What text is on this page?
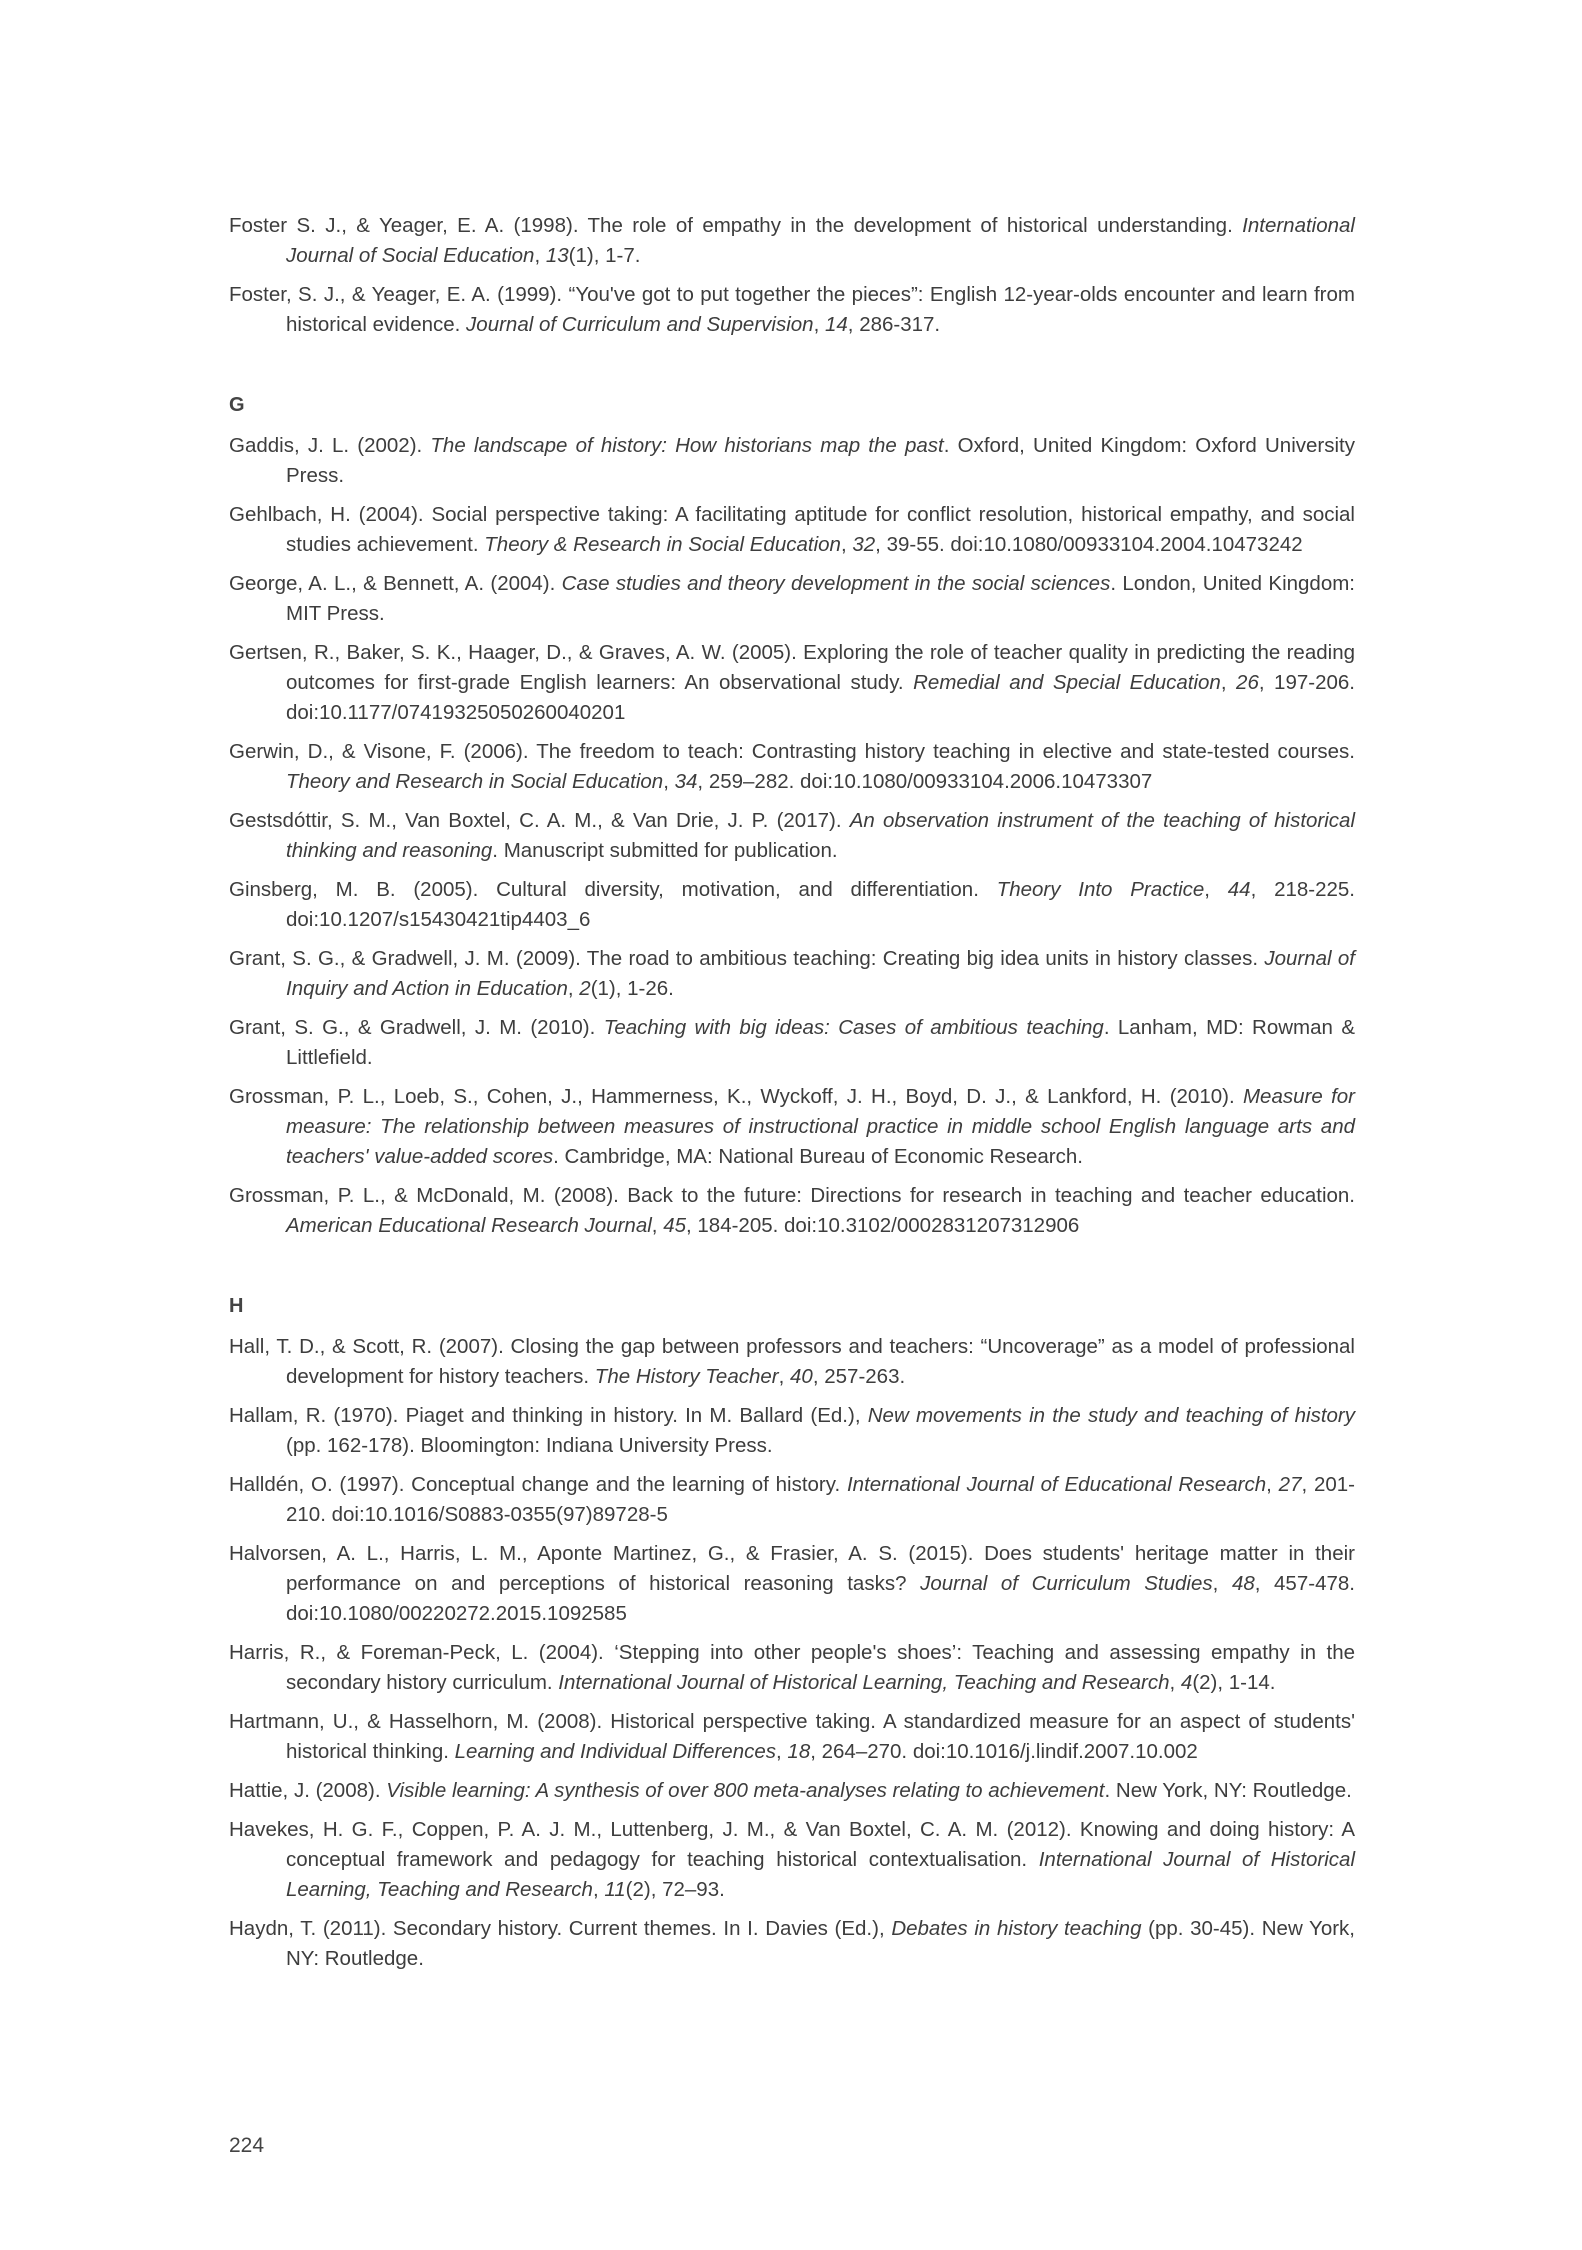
Foster S. J., & Yeager, E. A. (1998). The role of empathy in the development of historical understanding. International Journal of Social Education, 13(1), 1-7.

Foster, S. J., & Yeager, E. A. (1999). “You've got to put together the pieces”: English 12-year-olds encounter and learn from historical evidence. Journal of Curriculum and Supervision, 14, 286-317.

G

Gaddis, J. L. (2002). The landscape of history: How historians map the past. Oxford, United Kingdom: Oxford University Press.

Gehlbach, H. (2004). Social perspective taking: A facilitating aptitude for conflict resolution, historical empathy, and social studies achievement. Theory & Research in Social Education, 32, 39-55. doi:10.1080/00933104.2004.10473242

George, A. L., & Bennett, A. (2004). Case studies and theory development in the social sciences. London, United Kingdom: MIT Press.

Gertsen, R., Baker, S. K., Haager, D., & Graves, A. W. (2005). Exploring the role of teacher quality in predicting the reading outcomes for first-grade English learners: An observational study. Remedial and Special Education, 26, 197-206. doi:10.1177/07419325050260040201

Gerwin, D., & Visone, F. (2006). The freedom to teach: Contrasting history teaching in elective and state-tested courses. Theory and Research in Social Education, 34, 259–282. doi:10.1080/00933104.2006.10473307

Gestsdóttir, S. M., Van Boxtel, C. A. M., & Van Drie, J. P. (2017). An observation instrument of the teaching of historical thinking and reasoning. Manuscript submitted for publication.

Ginsberg, M. B. (2005). Cultural diversity, motivation, and differentiation. Theory Into Practice, 44, 218-225. doi:10.1207/s15430421tip4403_6

Grant, S. G., & Gradwell, J. M. (2009). The road to ambitious teaching: Creating big idea units in history classes. Journal of Inquiry and Action in Education, 2(1), 1-26.

Grant, S. G., & Gradwell, J. M. (2010). Teaching with big ideas: Cases of ambitious teaching. Lanham, MD: Rowman & Littlefield.

Grossman, P. L., Loeb, S., Cohen, J., Hammerness, K., Wyckoff, J. H., Boyd, D. J., & Lankford, H. (2010). Measure for measure: The relationship between measures of instructional practice in middle school English language arts and teachers' value-added scores. Cambridge, MA: National Bureau of Economic Research.

Grossman, P. L., & McDonald, M. (2008). Back to the future: Directions for research in teaching and teacher education. American Educational Research Journal, 45, 184-205. doi:10.3102/0002831207312906

H

Hall, T. D., & Scott, R. (2007). Closing the gap between professors and teachers: “Uncoverage” as a model of professional development for history teachers. The History Teacher, 40, 257-263.

Hallam, R. (1970). Piaget and thinking in history. In M. Ballard (Ed.), New movements in the study and teaching of history (pp. 162-178). Bloomington: Indiana University Press.

Halldén, O. (1997). Conceptual change and the learning of history. International Journal of Educational Research, 27, 201-210. doi:10.1016/S0883-0355(97)89728-5

Halvorsen, A. L., Harris, L. M., Aponte Martinez, G., & Frasier, A. S. (2015). Does students' heritage matter in their performance on and perceptions of historical reasoning tasks? Journal of Curriculum Studies, 48, 457-478. doi:10.1080/00220272.2015.1092585

Harris, R., & Foreman-Peck, L. (2004). ‘Stepping into other people's shoes’: Teaching and assessing empathy in the secondary history curriculum. International Journal of Historical Learning, Teaching and Research, 4(2), 1-14.

Hartmann, U., & Hasselhorn, M. (2008). Historical perspective taking. A standardized measure for an aspect of students' historical thinking. Learning and Individual Differences, 18, 264–270. doi:10.1016/j.lindif.2007.10.002

Hattie, J. (2008). Visible learning: A synthesis of over 800 meta-analyses relating to achievement. New York, NY: Routledge.

Havekes, H. G. F., Coppen, P. A. J. M., Luttenberg, J. M., & Van Boxtel, C. A. M. (2012). Knowing and doing history: A conceptual framework and pedagogy for teaching historical contextualisation. International Journal of Historical Learning, Teaching and Research, 11(2), 72–93.

Haydn, T. (2011). Secondary history. Current themes. In I. Davies (Ed.), Debates in history teaching (pp. 30-45). New York, NY: Routledge.

224
